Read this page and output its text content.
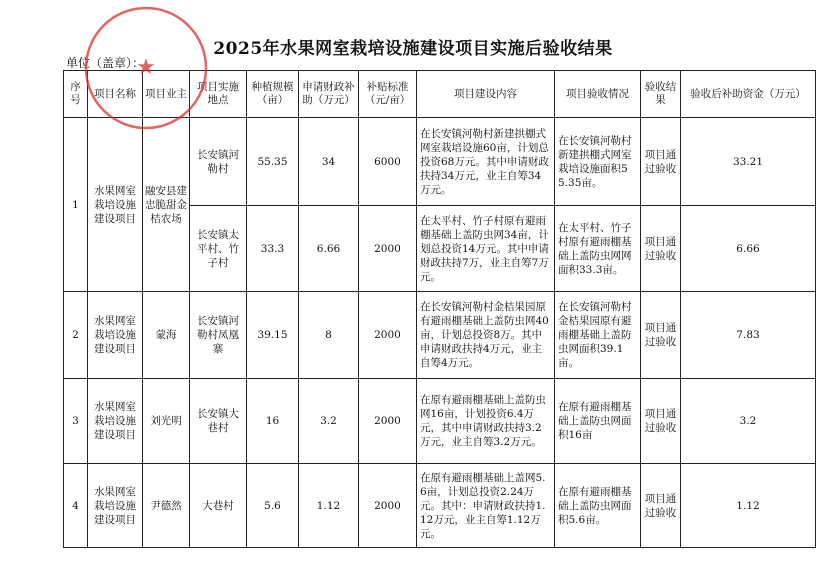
2025年水果网室栽培设施建设项目实施后验收结果
单位（盖章）：
序号	项目名称	项目业主	项目实施地点	种植规模（亩）	申请财政补助（万元）	补贴标准（元/亩）	项目建设内容	项目验收情况	验收结果	验收后补助资金（万元）
1	水果网室栽培设施建设项目	融安县建忠脆甜金桔农场	长安镇河勒村	55.35	34	6000	在长安镇河勒村新建拱棚式网室栽培设施60亩，计划总投资68万元。其中申请财政扶持34万元，业主自筹34万元。	在长安镇河勒村新建拱棚式网室栽培设施面积55.35亩。	项目通过验收	33.21
			长安镇太平村、竹子村	33.3	6.66	2000	在太平村、竹子村原有避雨棚基础上盖防虫网34亩，计划总投资14万元。其中申请财政扶持7万，业主自筹7万元。	在太平村、竹子村原有避雨棚基础上盖防虫网网面积33.3亩。	项目通过验收	6.66
2	水果网室栽培设施建设项目	蒙海	长安镇河勒村凤凰寨	39.15	8	2000	在长安镇河勒村金桔果园原有避雨棚基础上盖防虫网40亩，计划总投资8万。其中申请财政扶持4万元，业主自筹4万元。	在长安镇河勒村金桔果园原有避雨棚基础上盖防虫网面积39.1亩。	项目通过验收	7.83
3	水果网室栽培设施建设项目	刘光明	长安镇大巷村	16	3.2	2000	在原有避雨棚基础上盖防虫网16亩，计划投资6.4万元，其中申请财政扶持3.2万元，业主自筹3.2万元。	在原有避雨棚基础上盖防虫网面积16亩	项目通过验收	3.2
4	水果网室栽培设施建设项目	尹德然	大巷村	5.6	1.12	2000	在原有避雨棚基础上盖网5.6亩，计划总投资2.24万元。其中：申请财政扶持1.12万元，业主自筹1.12万元。	在原有避雨棚基础上盖防虫网面积5.6亩。	项目通过验收	1.12
★
